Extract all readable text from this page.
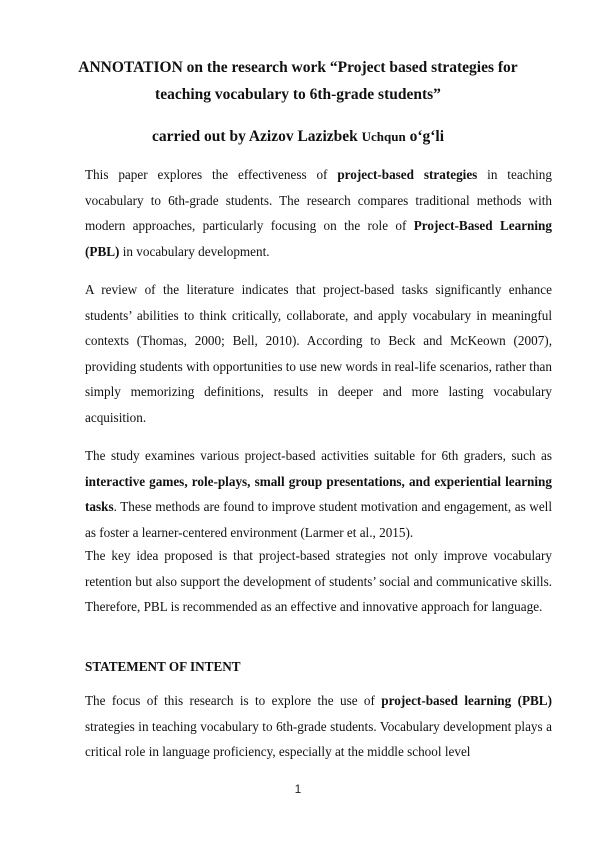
ANNOTATION on the research work “Project based strategies for
teaching vocabulary to 6th-grade students”
carried out by Azizov Lazizbek Uchqun o‘g‘li

This paper explores the effectiveness of project-based strategies in teaching vocabulary to 6th-grade students. The research compares traditional methods with modern approaches, particularly focusing on the role of Project-Based Learning (PBL) in vocabulary development.

A review of the literature indicates that project-based tasks significantly enhance students’ abilities to think critically, collaborate, and apply vocabulary in meaningful contexts (Thomas, 2000; Bell, 2010). According to Beck and McKeown (2007), providing students with opportunities to use new words in real-life scenarios, rather than simply memorizing definitions, results in deeper and more lasting vocabulary acquisition.

The study examines various project-based activities suitable for 6th graders, such as interactive games, role-plays, small group presentations, and experiential learning tasks. These methods are found to improve student motivation and engagement, as well as foster a learner-centered environment (Larmer et al., 2015).

The key idea proposed is that project-based strategies not only improve vocabulary retention but also support the development of students’ social and communicative skills. Therefore, PBL is recommended as an effective and innovative approach for language.

STATEMENT OF INTENT

The focus of this research is to explore the use of project-based learning (PBL) strategies in teaching vocabulary to 6th-grade students. Vocabulary development plays a critical role in language proficiency, especially at the middle school level

1
